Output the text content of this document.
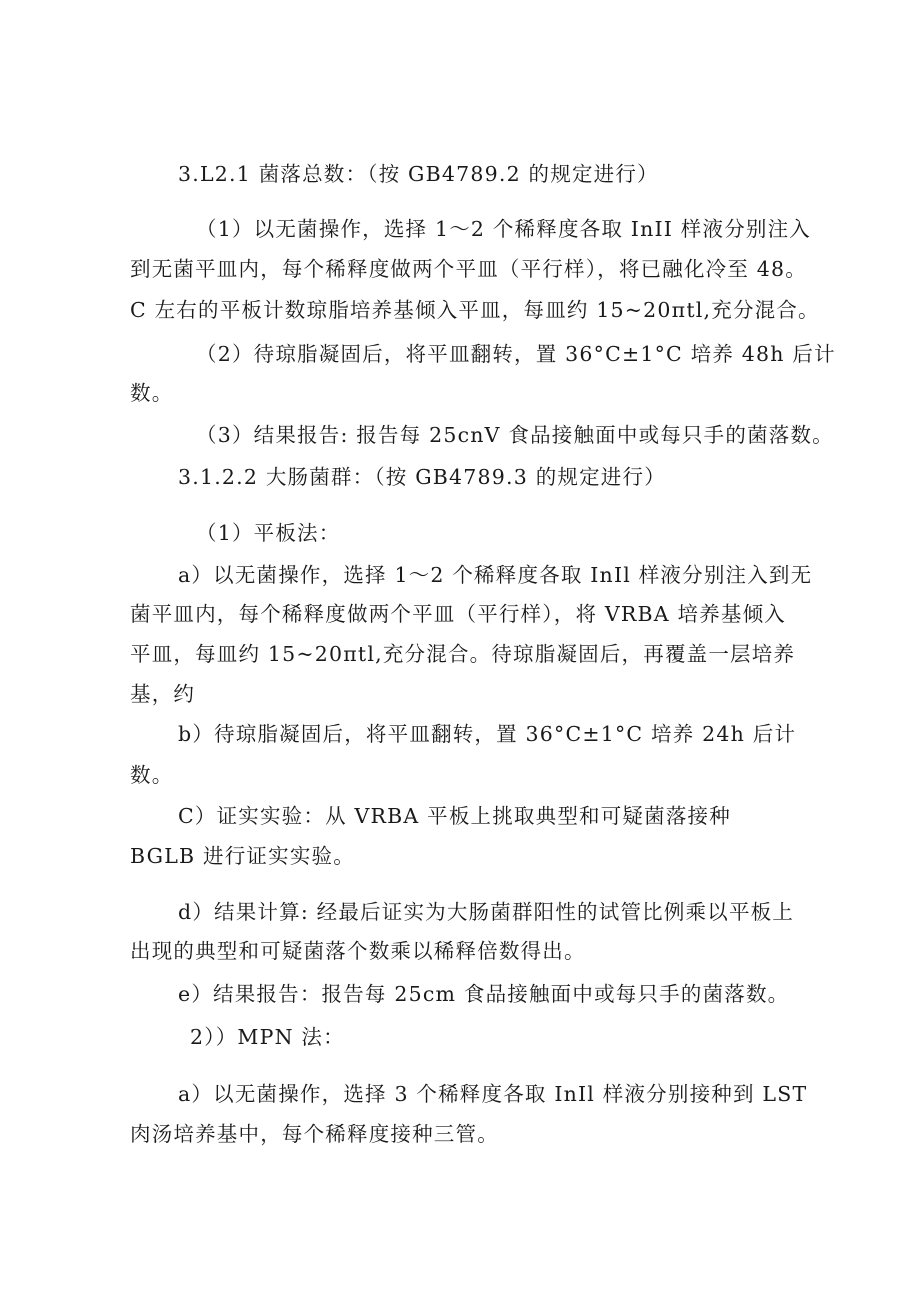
3.L2.1 菌落总数：（按 GB4789.2 的规定进行）
（1）以无菌操作，选择 1～2 个稀释度各取 InII 样液分别注入
到无菌平皿内，每个稀释度做两个平皿（平行样），将已融化冷至 48。
C 左右的平板计数琼脂培养基倾入平皿，每皿约 15~20πtl,充分混合。
（2）待琼脂凝固后，将平皿翻转，置 36°C±1°C 培养 48h 后计
数。
（3）结果报告: 报告每 25cnV 食品接触面中或每只手的菌落数。
3.1.2.2 大肠菌群：（按 GB4789.3 的规定进行）
（1）平板法：
a）以无菌操作，选择 1～2 个稀释度各取 InIl 样液分别注入到无
菌平皿内，每个稀释度做两个平皿（平行样），将 VRBA 培养基倾入
平皿，每皿约 15~20πtl,充分混合。待琼脂凝固后，再覆盖一层培养
基，约
b）待琼脂凝固后，将平皿翻转，置 36°C±1°C 培养 24h 后计
数。
C）证实实验：从 VRBA 平板上挑取典型和可疑菌落接种
BGLB 进行证实实验。
d）结果计算: 经最后证实为大肠菌群阳性的试管比例乘以平板上
出现的典型和可疑菌落个数乘以稀释倍数得出。
e）结果报告：报告每 25cm 食品接触面中或每只手的菌落数。
2））MPN 法：
a）以无菌操作，选择 3 个稀释度各取 InIl 样液分别接种到 LST
肉汤培养基中，每个稀释度接种三管。
